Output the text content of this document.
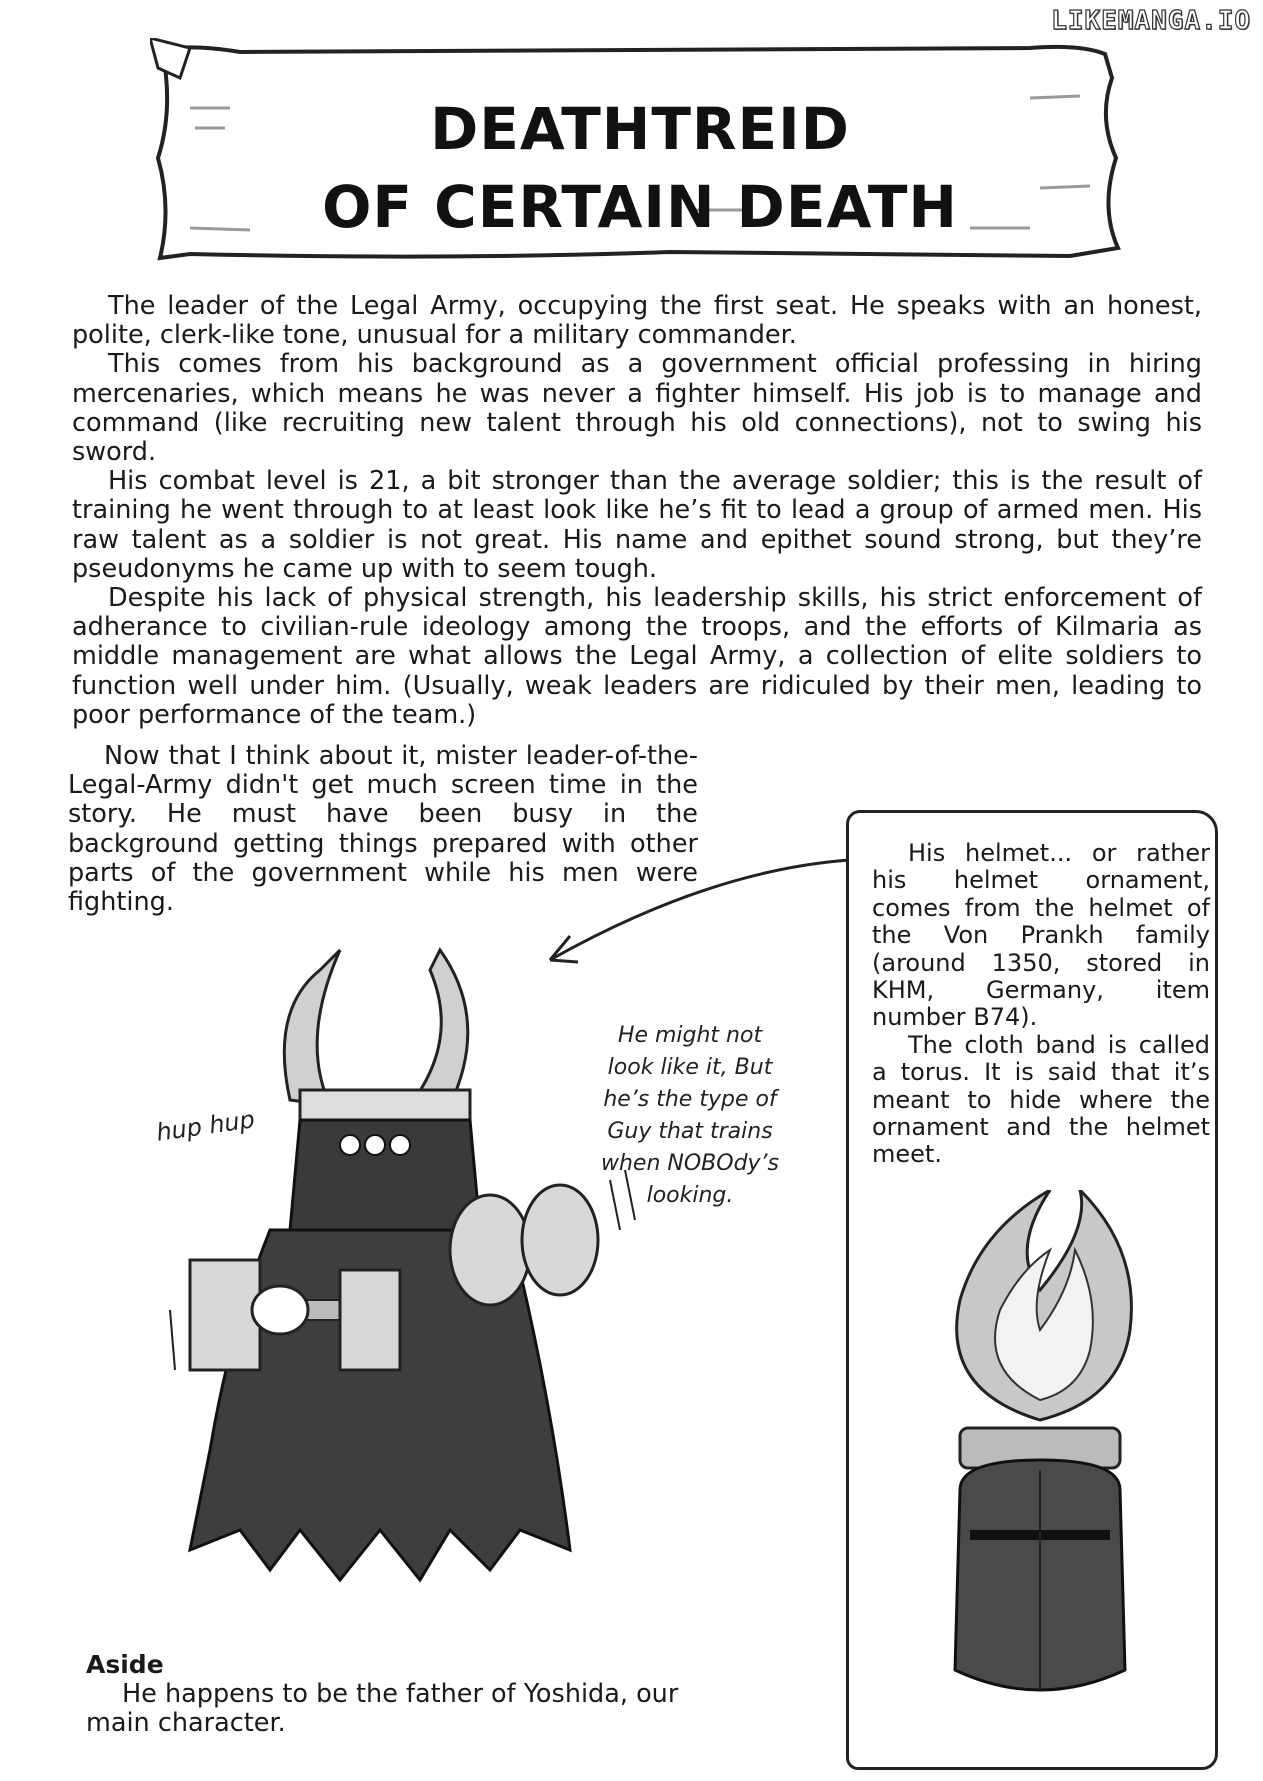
LIKEMANGA.IO
DEATHTREID
OF CERTAIN DEATH

The leader of the Legal Army, occupying the first seat. He speaks with an honest, polite, clerk-like tone, unusual for a military commander.

This comes from his background as a government official professing in hiring mercenaries, which means he was never a fighter himself. His job is to manage and command (like recruiting new talent through his old connections), not to swing his sword.

His combat level is 21, a bit stronger than the average soldier; this is the result of training he went through to at least look like he’s fit to lead a group of armed men. His raw talent as a soldier is not great. His name and epithet sound strong, but they’re pseudonyms he came up with to seem tough.

Despite his lack of physical strength, his leadership skills, his strict enforcement of adherance to civilian-rule ideology among the troops, and the efforts of Kilmaria as middle management are what allows the Legal Army, a collection of elite soldiers to function well under him. (Usually, weak leaders are ridiculed by their men, leading to poor performance of the team.)

Now that I think about it, mister leader-of-the-Legal-Army didn't get much screen time in the story. He must have been busy in the background getting things prepared with other parts of the government while his men were fighting.

His helmet... or rather his helmet ornament, comes from the helmet of the Von Prankh family (around 1350, stored in KHM, Germany, item number B74).

The cloth band is called a torus. It is said that it’s meant to hide where the ornament and the helmet meet.

hup hup
He might not
look like it, But
he’s the type of
Guy that trains
when NOBOdy’s
looking.
Aside

He happens to be the father of Yoshida, our main character.
